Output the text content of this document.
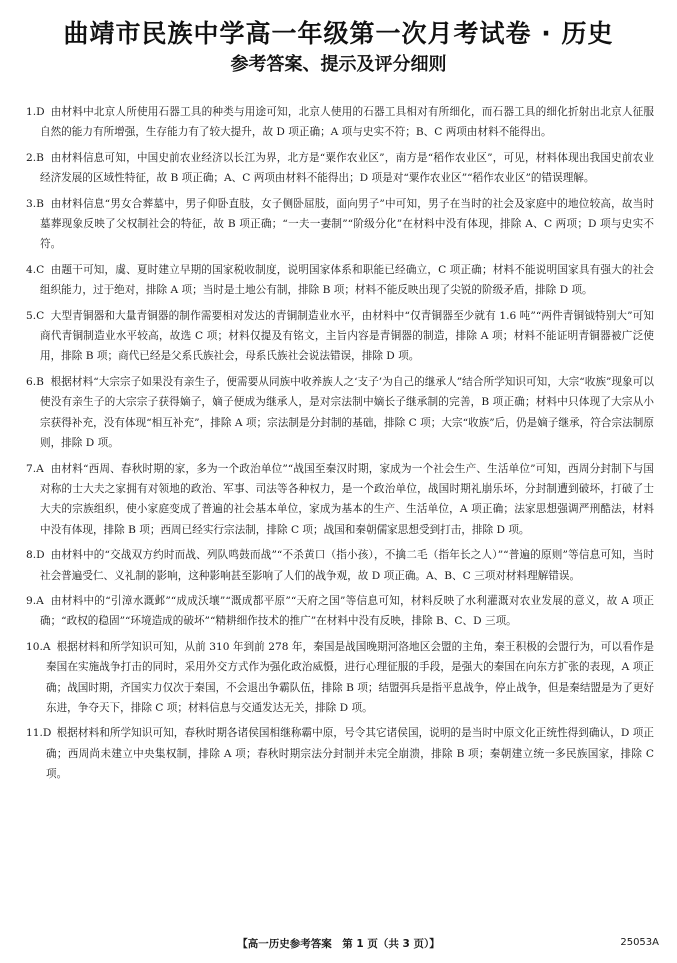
曲靖市民族中学高一年级第一次月考试卷 · 历史
参考答案、提示及评分细则
1.D
　由材料中北京人所使用石器工具的种类与用途可知，北京人使用的石器工具相对有所细化，而石器工具的细化折射出北京人征服自然的能力有所增强，生存能力有了较大提升，故 D 项正确；A 项与史实不符；B、C 两项由材料不能得出。
2.B
　由材料信息可知，中国史前农业经济以长江为界，北方是“粟作农业区”，南方是“稻作农业区”，可见，材料体现出我国史前农业经济发展的区域性特征，故 B 项正确；A、C 两项由材料不能得出；D 项是对“粟作农业区”“稻作农业区”的错误理解。
3.B
　由材料信息“男女合葬墓中，男子仰卧直肢，女子侧卧屈肢，面向男子”中可知，男子在当时的社会及家庭中的地位较高，故当时墓葬现象反映了父权制社会的特征，故 B 项正确；“一夫一妻制”“阶级分化”在材料中没有体现，排除 A、C 两项；D 项与史实不符。
4.C
　由题干可知，虞、夏时建立早期的国家税收制度，说明国家体系和职能已经确立，C 项正确；材料不能说明国家具有强大的社会组织能力，过于绝对，排除 A 项；当时是土地公有制，排除 B 项；材料不能反映出现了尖锐的阶级矛盾，排除 D 项。
5.C
　大型青铜器和大量青铜器的制作需要相对发达的青铜制造业水平，由材料中“仅青铜器至少就有 1.6 吨”“两件青铜钺特别大”可知商代青铜制造业水平较高，故选 C 项；材料仅提及有铭文，主旨内容是青铜器的制造，排除 A 项；材料不能证明青铜器被广泛使用，排除 B 项；商代已经是父系氏族社会，母系氏族社会说法错误，排除 D 项。
6.B
　根据材料“大宗宗子如果没有亲生子，便需要从同族中收养族人之‘支子’为自己的继承人”结合所学知识可知，大宗“收族”现象可以使没有亲生子的大宗宗子获得嫡子，嫡子便成为继承人，是对宗法制中嫡长子继承制的完善，B 项正确；材料中只体现了大宗从小宗获得补充，没有体现“相互补充”，排除 A 项；宗法制是分封制的基础，排除 C 项；大宗“收族”后，仍是嫡子继承，符合宗法制原则，排除 D 项。
7.A
　由材料“西周、春秋时期的家，多为一个政治单位”“战国至秦汉时期，家成为一个社会生产、生活单位”可知，西周分封制下与国对称的士大夫之家拥有对领地的政治、军事、司法等各种权力，是一个政治单位，战国时期礼崩乐坏，分封制遭到破坏，打破了士大夫的宗族组织，使小家庭变成了普遍的社会基本单位，家成为基本的生产、生活单位，A 项正确；法家思想强调严刑酷法，材料中没有体现，排除 B 项；西周已经实行宗法制，排除 C 项；战国和秦朝儒家思想受到打击，排除 D 项。
8.D
　由材料中的“交战双方约时而战、列队鸣鼓而战”“不杀黄口（指小孩），不擒二毛（指年长之人）”“普遍的原则”等信息可知，当时社会普遍受仁、义礼制的影响，这种影响甚至影响了人们的战争观，故 D 项正确。A、B、C 三项对材料理解错误。
9.A
　由材料中的“引漳水溉邺”“成成沃壤”“溉成都平原”“天府之国”等信息可知，材料反映了水利灌溉对农业发展的意义，故 A 项正确；“政权的稳固”“环境造成的破坏”“精耕细作技术的推广”在材料中没有反映，排除 B、C、D 三项。
10.A
　根据材料和所学知识可知，从前 310 年到前 278 年，秦国是战国晚期河洛地区会盟的主角，秦王积极的会盟行为，可以看作是秦国在实施战争打击的同时，采用外交方式作为强化政治威慑，进行心理征服的手段，是强大的秦国在向东方扩张的表现，A 项正确；战国时期，齐国实力仅次于秦国，不会退出争霸队伍，排除 B 项；结盟弭兵是指平息战争，停止战争，但是秦结盟是为了更好东进，争夺天下，排除 C 项；材料信息与交通发达无关，排除 D 项。
11.D
　根据材料和所学知识可知，春秋时期各诸侯国相继称霸中原，号令其它诸侯国，说明的是当时中原文化正统性得到确认，D 项正确；西周尚未建立中央集权制，排除 A 项；春秋时期宗法分封制并未完全崩溃，排除 B 项；秦朝建立统一多民族国家，排除 C 项。
【高一历史参考答案　第 1 页（共 3 页）】	25053A
